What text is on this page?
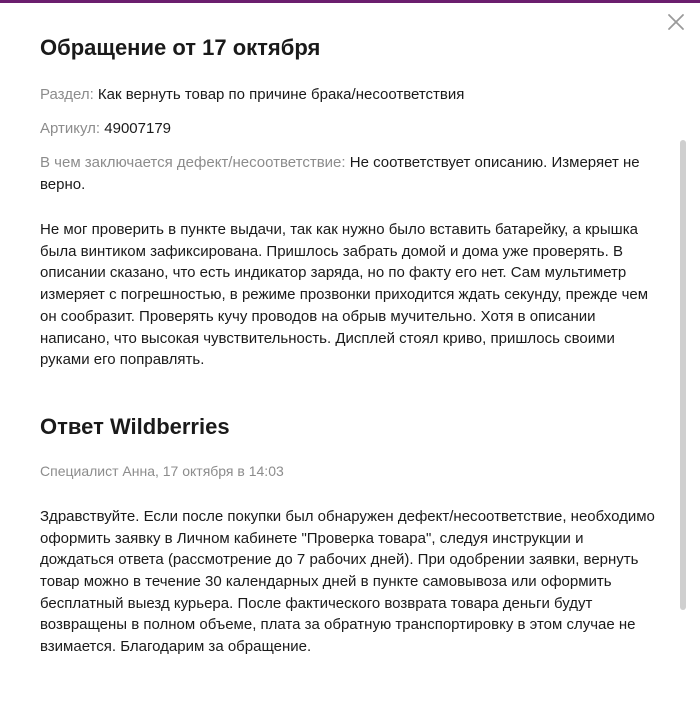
Обращение от 17 октября
Раздел: Как вернуть товар по причине брака/несоответствия
Артикул: 49007179
В чем заключается дефект/несоответствие: Не соответствует описанию. Измеряет не верно.

Не мог проверить в пункте выдачи, так как нужно было вставить батарейку, а крышка была винтиком зафиксирована. Пришлось забрать домой и дома уже проверять. В описании сказано, что есть индикатор заряда, но по факту его нет. Сам мультиметр измеряет с погрешностью, в режиме прозвонки приходится ждать секунду, прежде чем он сообразит. Проверять кучу проводов на обрыв мучительно. Хотя в описании написано, что высокая чувствительность. Дисплей стоял криво, пришлось своими руками его поправлять.

Ответ Wildberries
Специалист Анна, 17 октября в 14:03

Здравствуйте. Если после покупки был обнаружен дефект/несоответствие, необходимо оформить заявку в Личном кабинете "Проверка товара", следуя инструкции и дождаться ответа (рассмотрение до 7 рабочих дней). При одобрении заявки, вернуть товар можно в течение 30 календарных дней в пункте самовывоза или оформить бесплатный выезд курьера. После фактического возврата товара деньги будут возвращены в полном объеме, плата за обратную транспортировку в этом случае не взимается. Благодарим за обращение.
